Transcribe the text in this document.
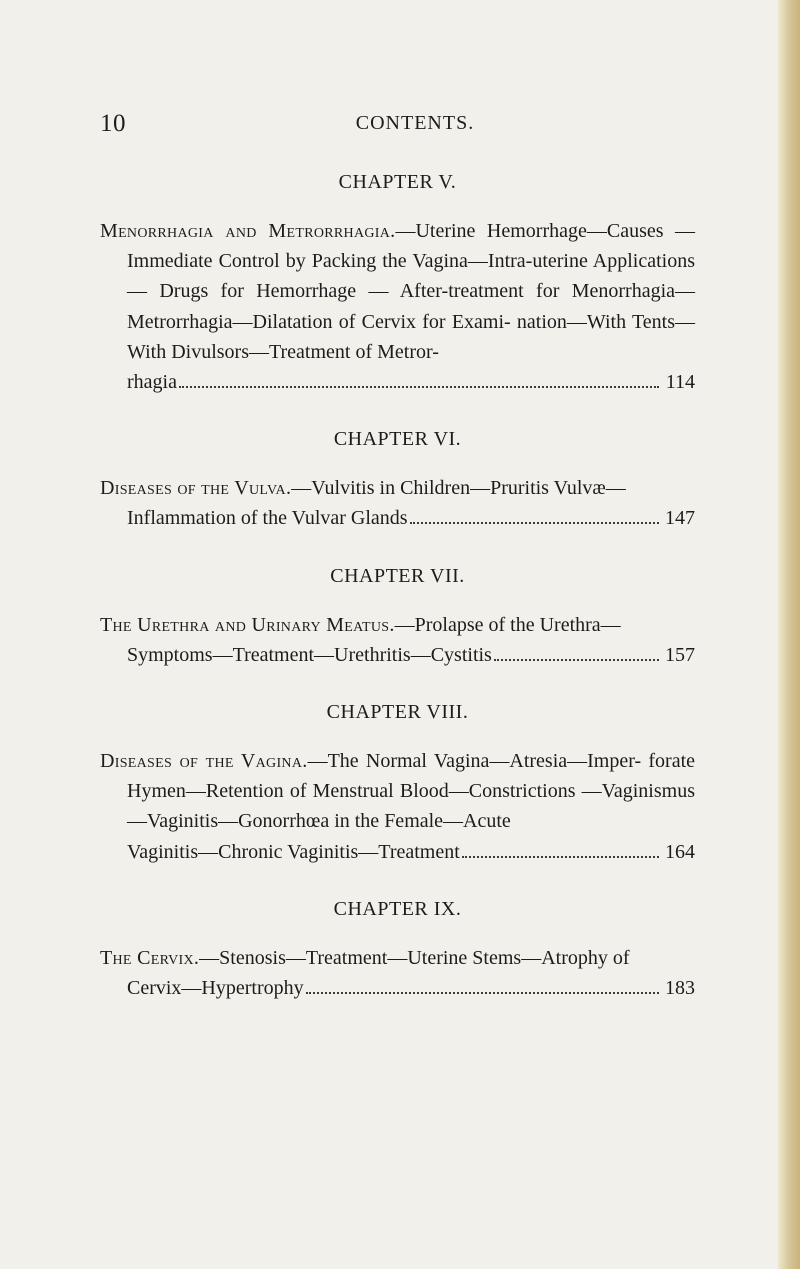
10	CONTENTS.

CHAPTER V.

Menorrhagia and Metrorrhagia.—Uterine Hemorrhage—Causes —Immediate Control by Packing the Vagina—Intra-uterine Applications — Drugs for Hemorrhage — After-treatment for Menorrhagia—Metrorrhagia—Dilatation of Cervix for Exami- nation—With Tents—With Divulsors—Treatment of Metror-

rhagia	114

CHAPTER VI.

Diseases of the Vulva.—Vulvitis in Children—Pruritis Vulvæ—

Inflammation of the Vulvar Glands	147

CHAPTER VII.

The Urethra and Urinary Meatus.—Prolapse of the Urethra—

Symptoms—Treatment—Urethritis—Cystitis	157

CHAPTER VIII.

Diseases of the Vagina.—The Normal Vagina—Atresia—Imper- forate Hymen—Retention of Menstrual Blood—Constrictions —Vaginismus—Vaginitis—Gonorrhœa in the Female—Acute

Vaginitis—Chronic Vaginitis—Treatment	164

CHAPTER IX.

The Cervix.—Stenosis—Treatment—Uterine Stems—Atrophy of

Cervix—Hypertrophy	183
